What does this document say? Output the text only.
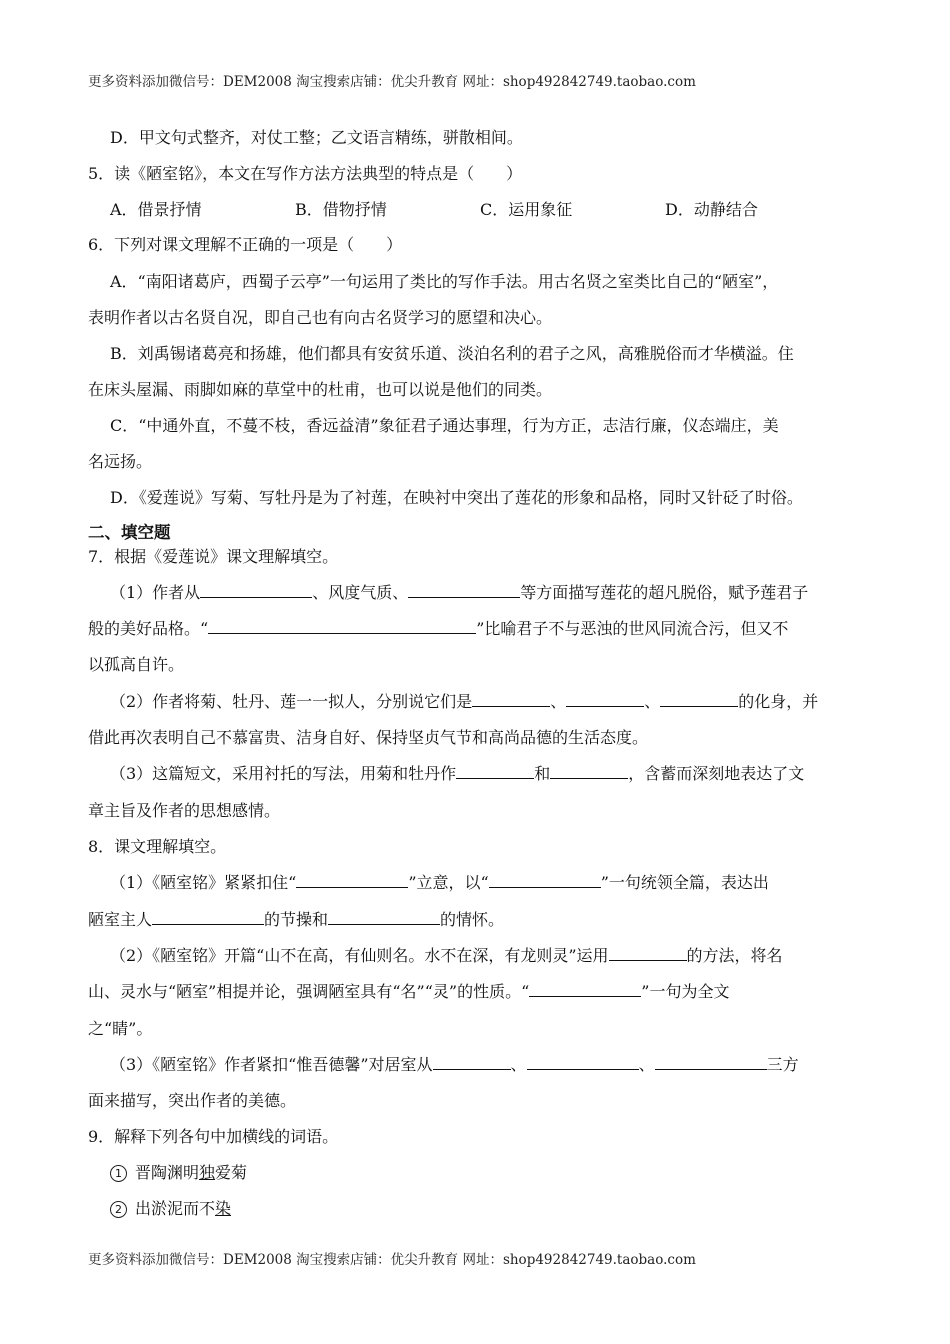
更多资料添加微信号：DEM2008 淘宝搜索店铺：优尖升教育 网址：shop492842749.taobao.com
D．甲文句式整齐，对仗工整；乙文语言精练，骈散相间。
5．读《陋室铭》，本文在写作方法方法典型的特点是（　　）
A．借景抒情	B．借物抒情	C．运用象征	D．动静结合
6．下列对课文理解不正确的一项是（　　）
A．“南阳诸葛庐，西蜀子云亭”一句运用了类比的写作手法。用古名贤之室类比自己的“陋室”，
表明作者以古名贤自况，即自己也有向古名贤学习的愿望和决心。
B．刘禹锡诸葛亮和扬雄，他们都具有安贫乐道、淡泊名利的君子之风，高雅脱俗而才华横溢。住
在床头屋漏、雨脚如麻的草堂中的杜甫，也可以说是他们的同类。
C．“中通外直，不蔓不枝，香远益清”象征君子通达事理，行为方正，志洁行廉，仪态端庄，美
名远扬。
D．《爱莲说》写菊、写牡丹是为了衬莲，在映衬中突出了莲花的形象和品格，同时又针砭了时俗。
二、填空题
7．根据《爱莲说》课文理解填空。
（1）作者从	、风度气质、	等方面描写莲花的超凡脱俗，赋予莲君子
般的美好品格。“	”比喻君子不与恶浊的世风同流合污，但又不
以孤高自许。
（2）作者将菊、牡丹、莲一一拟人，分别说它们是	、	、	的化身，并
借此再次表明自己不慕富贵、洁身自好、保持坚贞气节和高尚品德的生活态度。
（3）这篇短文，采用衬托的写法，用菊和牡丹作	和	，含蓄而深刻地表达了文
章主旨及作者的思想感情。
8．课文理解填空。
（1）《陋室铭》紧紧扣住“	”立意，以“	”一句统领全篇，表达出
陋室主人	的节操和	的情怀。
（2）《陋室铭》开篇“山不在高，有仙则名。水不在深，有龙则灵”运用	的方法，将名
山、灵水与“陋室”相提并论，强调陋室具有“名”“灵”的性质。“	”一句为全文
之“睛”。
（3）《陋室铭》作者紧扣“惟吾德馨”对居室从	、	、	三方
面来描写，突出作者的美德。
9．解释下列各句中加横线的词语。
1 晋陶渊明独爱菊
2 出淤泥而不染
更多资料添加微信号：DEM2008 淘宝搜索店铺：优尖升教育 网址：shop492842749.taobao.com
